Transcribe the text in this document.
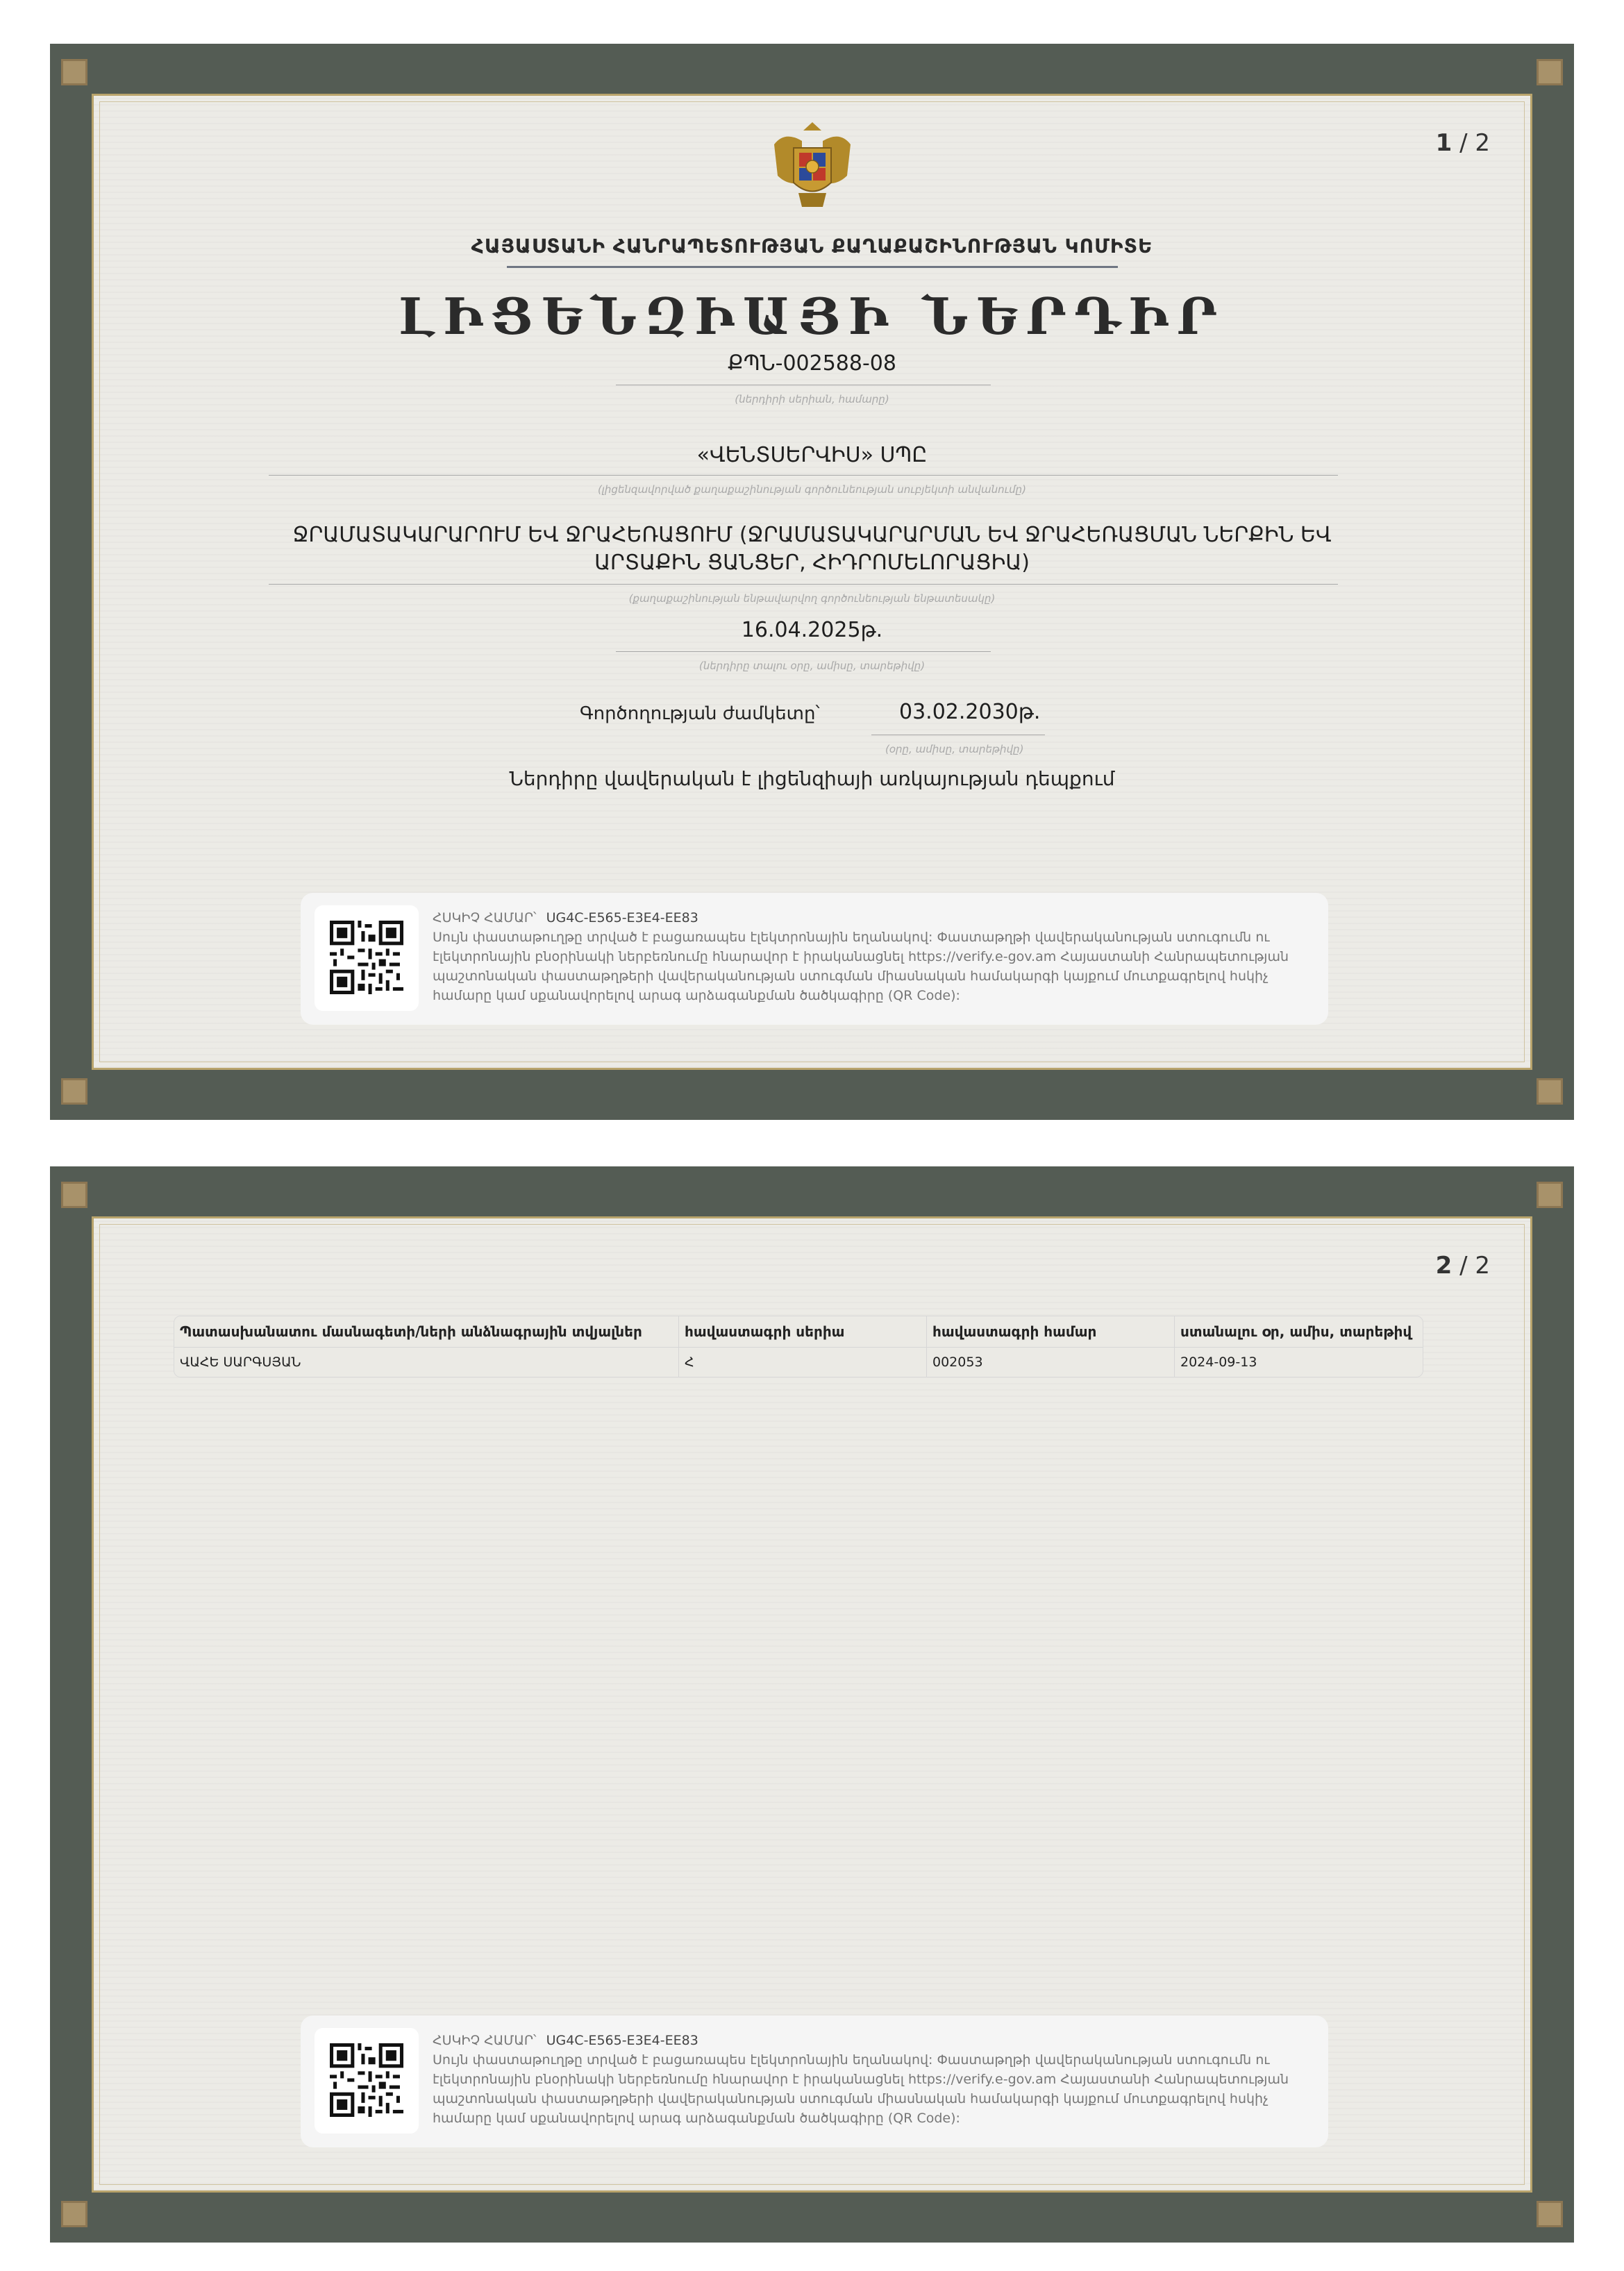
1 / 2
ՀԱՅԱՍՏԱՆԻ ՀԱՆՐԱՊԵՏՈՒԹՅԱՆ ՔԱՂԱՔԱՇԻՆՈՒԹՅԱՆ ԿՈՄԻՏԵ
ԼԻՑԵՆԶԻԱՅԻ ՆԵՐԴԻՐ
ՔՊՆ-002588-08
(ներդիրի սերիան, համարը)
«ՎԵՆՏՍԵՐՎԻՍ» ՍՊԸ
(լիցենզավորված քաղաքաշինության գործունեության սուբյեկտի անվանումը)
ՋՐԱՄԱՏԱԿԱՐԱՐՈՒՄ ԵՎ ՋՐԱՀԵՌԱՑՈՒՄ (ՋՐԱՄԱՏԱԿԱՐԱՐՄԱՆ ԵՎ ՋՐԱՀԵՌԱՑՄԱՆ ՆԵՐՔԻՆ ԵՎ
ԱՐՏԱՔԻՆ ՑԱՆՑԵՐ, ՀԻԴՐՈՄԵԼՈՐԱՑԻԱ)
(քաղաքաշինության ենթավարվող գործունեության ենթատեսակը)
16.04.2025թ.
(ներդիրը տալու օրը, ամիսը, տարեթիվը)
Գործողության ժամկետը՝	03.02.2030թ.
(օրը, ամիսը, տարեթիվը)
Ներդիրը վավերական է լիցենզիայի առկայության դեպքում
ՀՍԿԻՉ ՀԱՄԱՐ՝ UG4C-E565-E3E4-EE83
Սույն փաստաթուղթը տրված է բացառապես էլեկտրոնային եղանակով: Փաստաթղթի վավերականության ստուգումն ու
էլեկտրոնային բնօրինակի ներբեռնումը հնարավոր է իրականացնել https://verify.e-gov.am Հայաստանի Հանրապետության
պաշտոնական փաստաթղթերի վավերականության ստուգման միասնական համակարգի կայքում մուտքագրելով հսկիչ
համարը կամ սքանավորելով արագ արձագանքման ծածկագիրը (QR Code):
2 / 2
Պատասխանատու մասնագետի/ների անձնագրային տվյալներ	հավաստագրի սերիա	հավաստագրի համար	ստանալու օր, ամիս, տարեթիվ
ՎԱՀԵ ՍԱՐԳՍՅԱՆ	Հ	002053	2024-09-13
ՀՍԿԻՉ ՀԱՄԱՐ՝ UG4C-E565-E3E4-EE83
Սույն փաստաթուղթը տրված է բացառապես էլեկտրոնային եղանակով: Փաստաթղթի վավերականության ստուգումն ու
էլեկտրոնային բնօրինակի ներբեռնումը հնարավոր է իրականացնել https://verify.e-gov.am Հայաստանի Հանրապետության
պաշտոնական փաստաթղթերի վավերականության ստուգման միասնական համակարգի կայքում մուտքագրելով հսկիչ
համարը կամ սքանավորելով արագ արձագանքման ծածկագիրը (QR Code):
